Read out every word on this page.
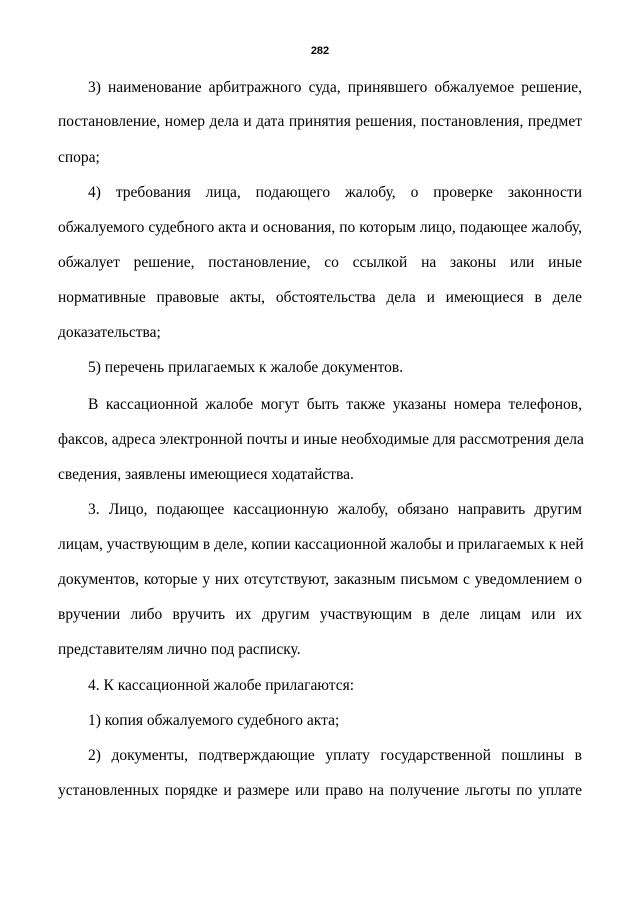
282
3) наименование арбитражного суда, принявшего обжалуемое решение,
постановление, номер дела и дата принятия решения, постановления, предмет
спора;
4) требования лица, подающего жалобу, о проверке законности
обжалуемого судебного акта и основания, по которым лицо, подающее жалобу,
обжалует решение, постановление, со ссылкой на законы или иные
нормативные правовые акты, обстоятельства дела и имеющиеся в деле
доказательства;
5) перечень прилагаемых к жалобе документов.
В кассационной жалобе могут быть также указаны номера телефонов,
факсов, адреса электронной почты и иные необходимые для рассмотрения дела
сведения, заявлены имеющиеся ходатайства.
3. Лицо, подающее кассационную жалобу, обязано направить другим
лицам, участвующим в деле, копии кассационной жалобы и прилагаемых к ней
документов, которые у них отсутствуют, заказным письмом с уведомлением о
вручении либо вручить их другим участвующим в деле лицам или их
представителям лично под расписку.
4. К кассационной жалобе прилагаются:
1) копия обжалуемого судебного акта;
2) документы, подтверждающие уплату государственной пошлины в
установленных порядке и размере или право на получение льготы по уплате
